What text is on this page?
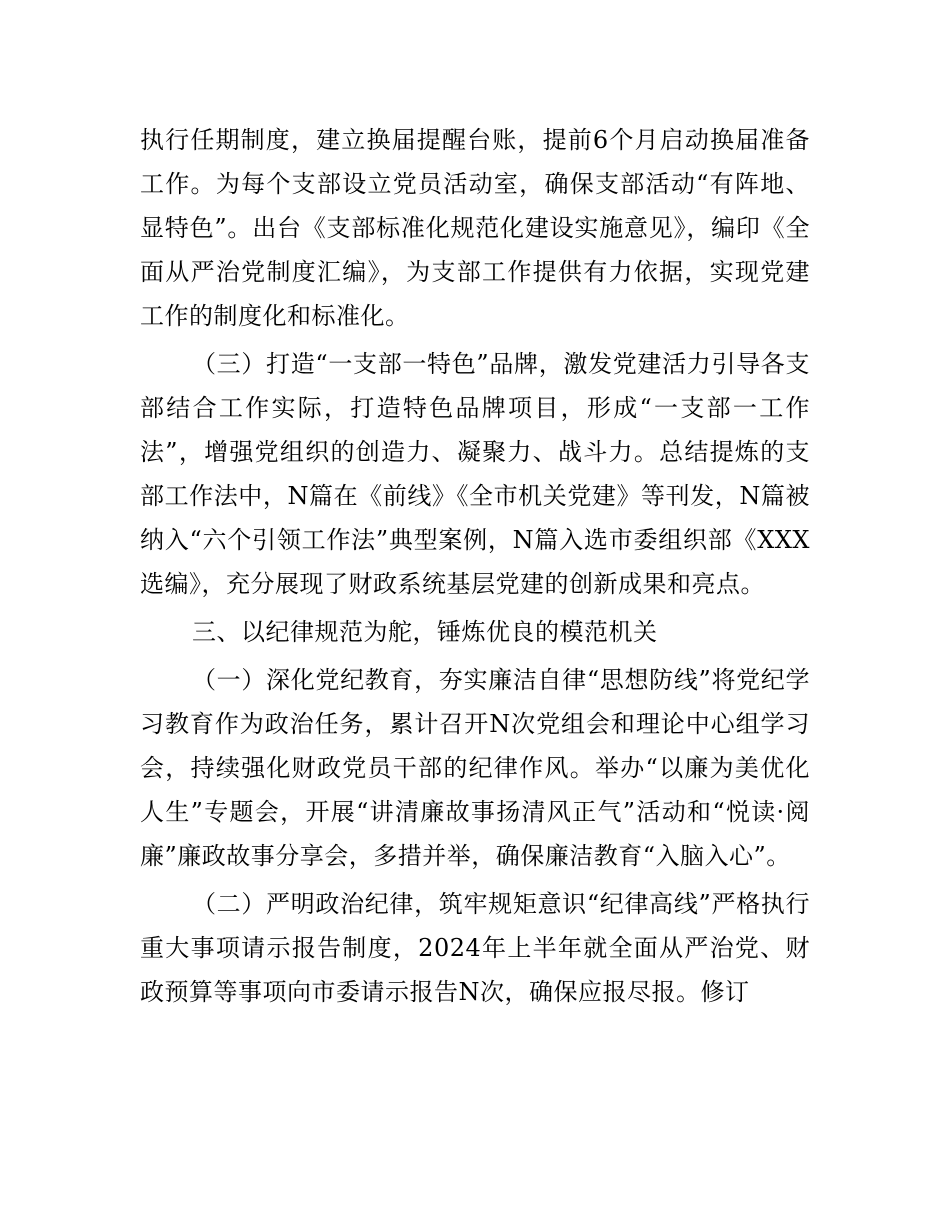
执行任期制度，建立换届提醒台账，提前6个月启动换届准备工作。为每个支部设立党员活动室，确保支部活动“有阵地、显特色”。出台《支部标准化规范化建设实施意见》，编印《全面从严治党制度汇编》，为支部工作提供有力依据，实现党建工作的制度化和标准化。

（三）打造“一支部一特色”品牌，激发党建活力引导各支部结合工作实际，打造特色品牌项目，形成“一支部一工作法”，增强党组织的创造力、凝聚力、战斗力。总结提炼的支部工作法中，N篇在《前线》《全市机关党建》等刊发，N篇被纳入“六个引领工作法”典型案例，N篇入选市委组织部《XXX选编》，充分展现了财政系统基层党建的创新成果和亮点。

三、以纪律规范为舵，锤炼优良的模范机关

（一）深化党纪教育，夯实廉洁自律“思想防线”将党纪学习教育作为政治任务，累计召开N次党组会和理论中心组学习会，持续强化财政党员干部的纪律作风。举办“以廉为美优化人生”专题会，开展“讲清廉故事扬清风正气”活动和“悦读·阅廉”廉政故事分享会，多措并举，确保廉洁教育“入脑入心”。

（二）严明政治纪律，筑牢规矩意识“纪律高线”严格执行重大事项请示报告制度，2024年上半年就全面从严治党、财政预算等事项向市委请示报告N次，确保应报尽报。修订
